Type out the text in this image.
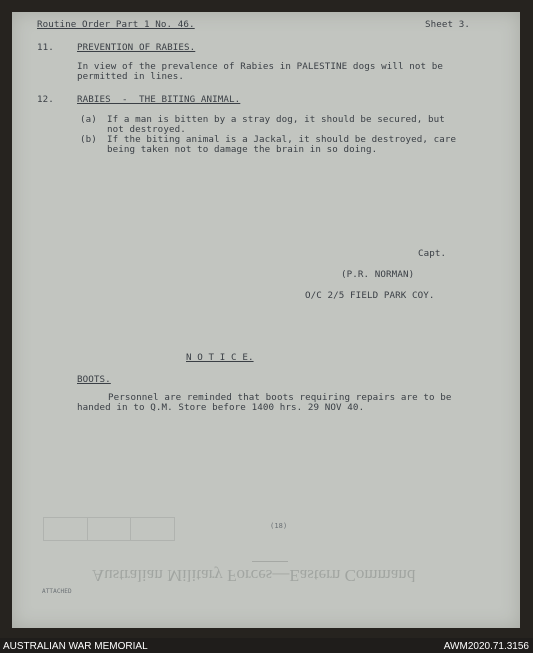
Australian Military Forces—Eastern Command
(18)
ATTACHED
Routine Order Part 1 No. 46.	Sheet 3.
11.	PREVENTION OF RABIES.
In view of the prevalence of Rabies in PALESTINE dogs will not be
permitted in lines.
12.	RABIES  -  THE BITING ANIMAL.
(a) If a man is bitten by a stray dog, it should be secured, but
not destroyed.
(b) If the biting animal is a Jackal, it should be destroyed, care
being taken not to damage the brain in so doing.
Capt.
(P.R. NORMAN)
O/C 2/5 FIELD PARK COY.
N O T I C E.
BOOTS.
Personnel are reminded that boots requiring repairs are to be
handed in to Q.M. Store before 1400 hrs. 29 NOV 40.
AUSTRALIAN WAR MEMORIAL	AWM2020.71.3156
